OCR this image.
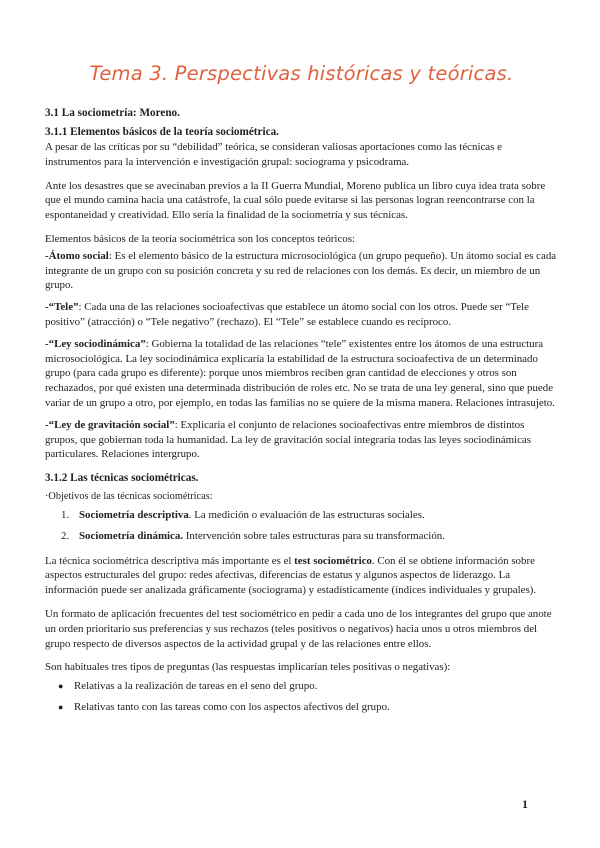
Tema 3. Perspectivas históricas y teóricas.
3.1 La sociometría: Moreno.
3.1.1 Elementos básicos de la teoría sociométrica.

A pesar de las críticas por su “debilidad” teórica, se consideran valiosas aportaciones como las técnicas e instrumentos para la intervención e investigación grupal: sociograma y psicodrama.

Ante los desastres que se avecinaban previos a la II Guerra Mundial, Moreno publica un libro cuya idea trata sobre que el mundo camina hacia una catástrofe, la cual sólo puede evitarse si las personas logran reencontrarse con la espontaneidad y creatividad. Ello sería la finalidad de la sociometría y sus técnicas.

Elementos básicos de la teoría sociométrica son los conceptos teóricos:

-Átomo social: Es el elemento básico de la estructura microsociológica (un grupo pequeño). Un átomo social es cada integrante de un grupo con su posición concreta y su red de relaciones con los demás. Es decir, un miembro de un grupo.

-“Tele”: Cada una de las relaciones socioafectivas que establece un átomo social con los otros. Puede ser “Tele positivo” (atracción) o “Tele negativo” (rechazo). El “Tele” se establece cuando es recíproco.

-“Ley sociodinámica”: Gobierna la totalidad de las relaciones “tele” existentes entre los átomos de una estructura microsociológica. La ley sociodinámica explicaría la estabilidad de la estructura socioafectiva de un determinado grupo (para cada grupo es diferente): porque unos miembros reciben gran cantidad de elecciones y otros son rechazados, por qué existen una determinada distribución de roles etc. No se trata de una ley general, sino que puede variar de un grupo a otro, por ejemplo, en todas las familias no se quiere de la misma manera. Relaciones intrasujeto.

-“Ley de gravitación social”: Explicaría el conjunto de relaciones socioafectivas entre miembros de distintos grupos, que gobiernan toda la humanidad. La ley de gravitación social integraría todas las leyes sociodinámicas particulares. Relaciones intergrupo.

3.1.2 Las técnicas sociométricas.

·Objetivos de las técnicas sociométricas:

1. Sociometría descriptiva. La medición o evaluación de las estructuras sociales.
2. Sociometría dinámica. Intervención sobre tales estructuras para su transformación.

La técnica sociométrica descriptiva más importante es el test sociométrico. Con él se obtiene información sobre aspectos estructurales del grupo: redes afectivas, diferencias de estatus y algunos aspectos de liderazgo. La información puede ser analizada gráficamente (sociograma) y estadísticamente (índices individuales y grupales).

Un formato de aplicación frecuentes del test sociométrico en pedir a cada uno de los integrantes del grupo que anote un orden prioritario sus preferencias y sus rechazos (teles positivos o negativos) hacia unos u otros miembros del grupo respecto de diversos aspectos de la actividad grupal y de las relaciones entre ellos.

Son habituales tres tipos de preguntas (las respuestas implicarían teles positivas o negativas):

● Relativas a la realización de tareas en el seno del grupo.
● Relativas tanto con las tareas como con los aspectos afectivos del grupo.
1
